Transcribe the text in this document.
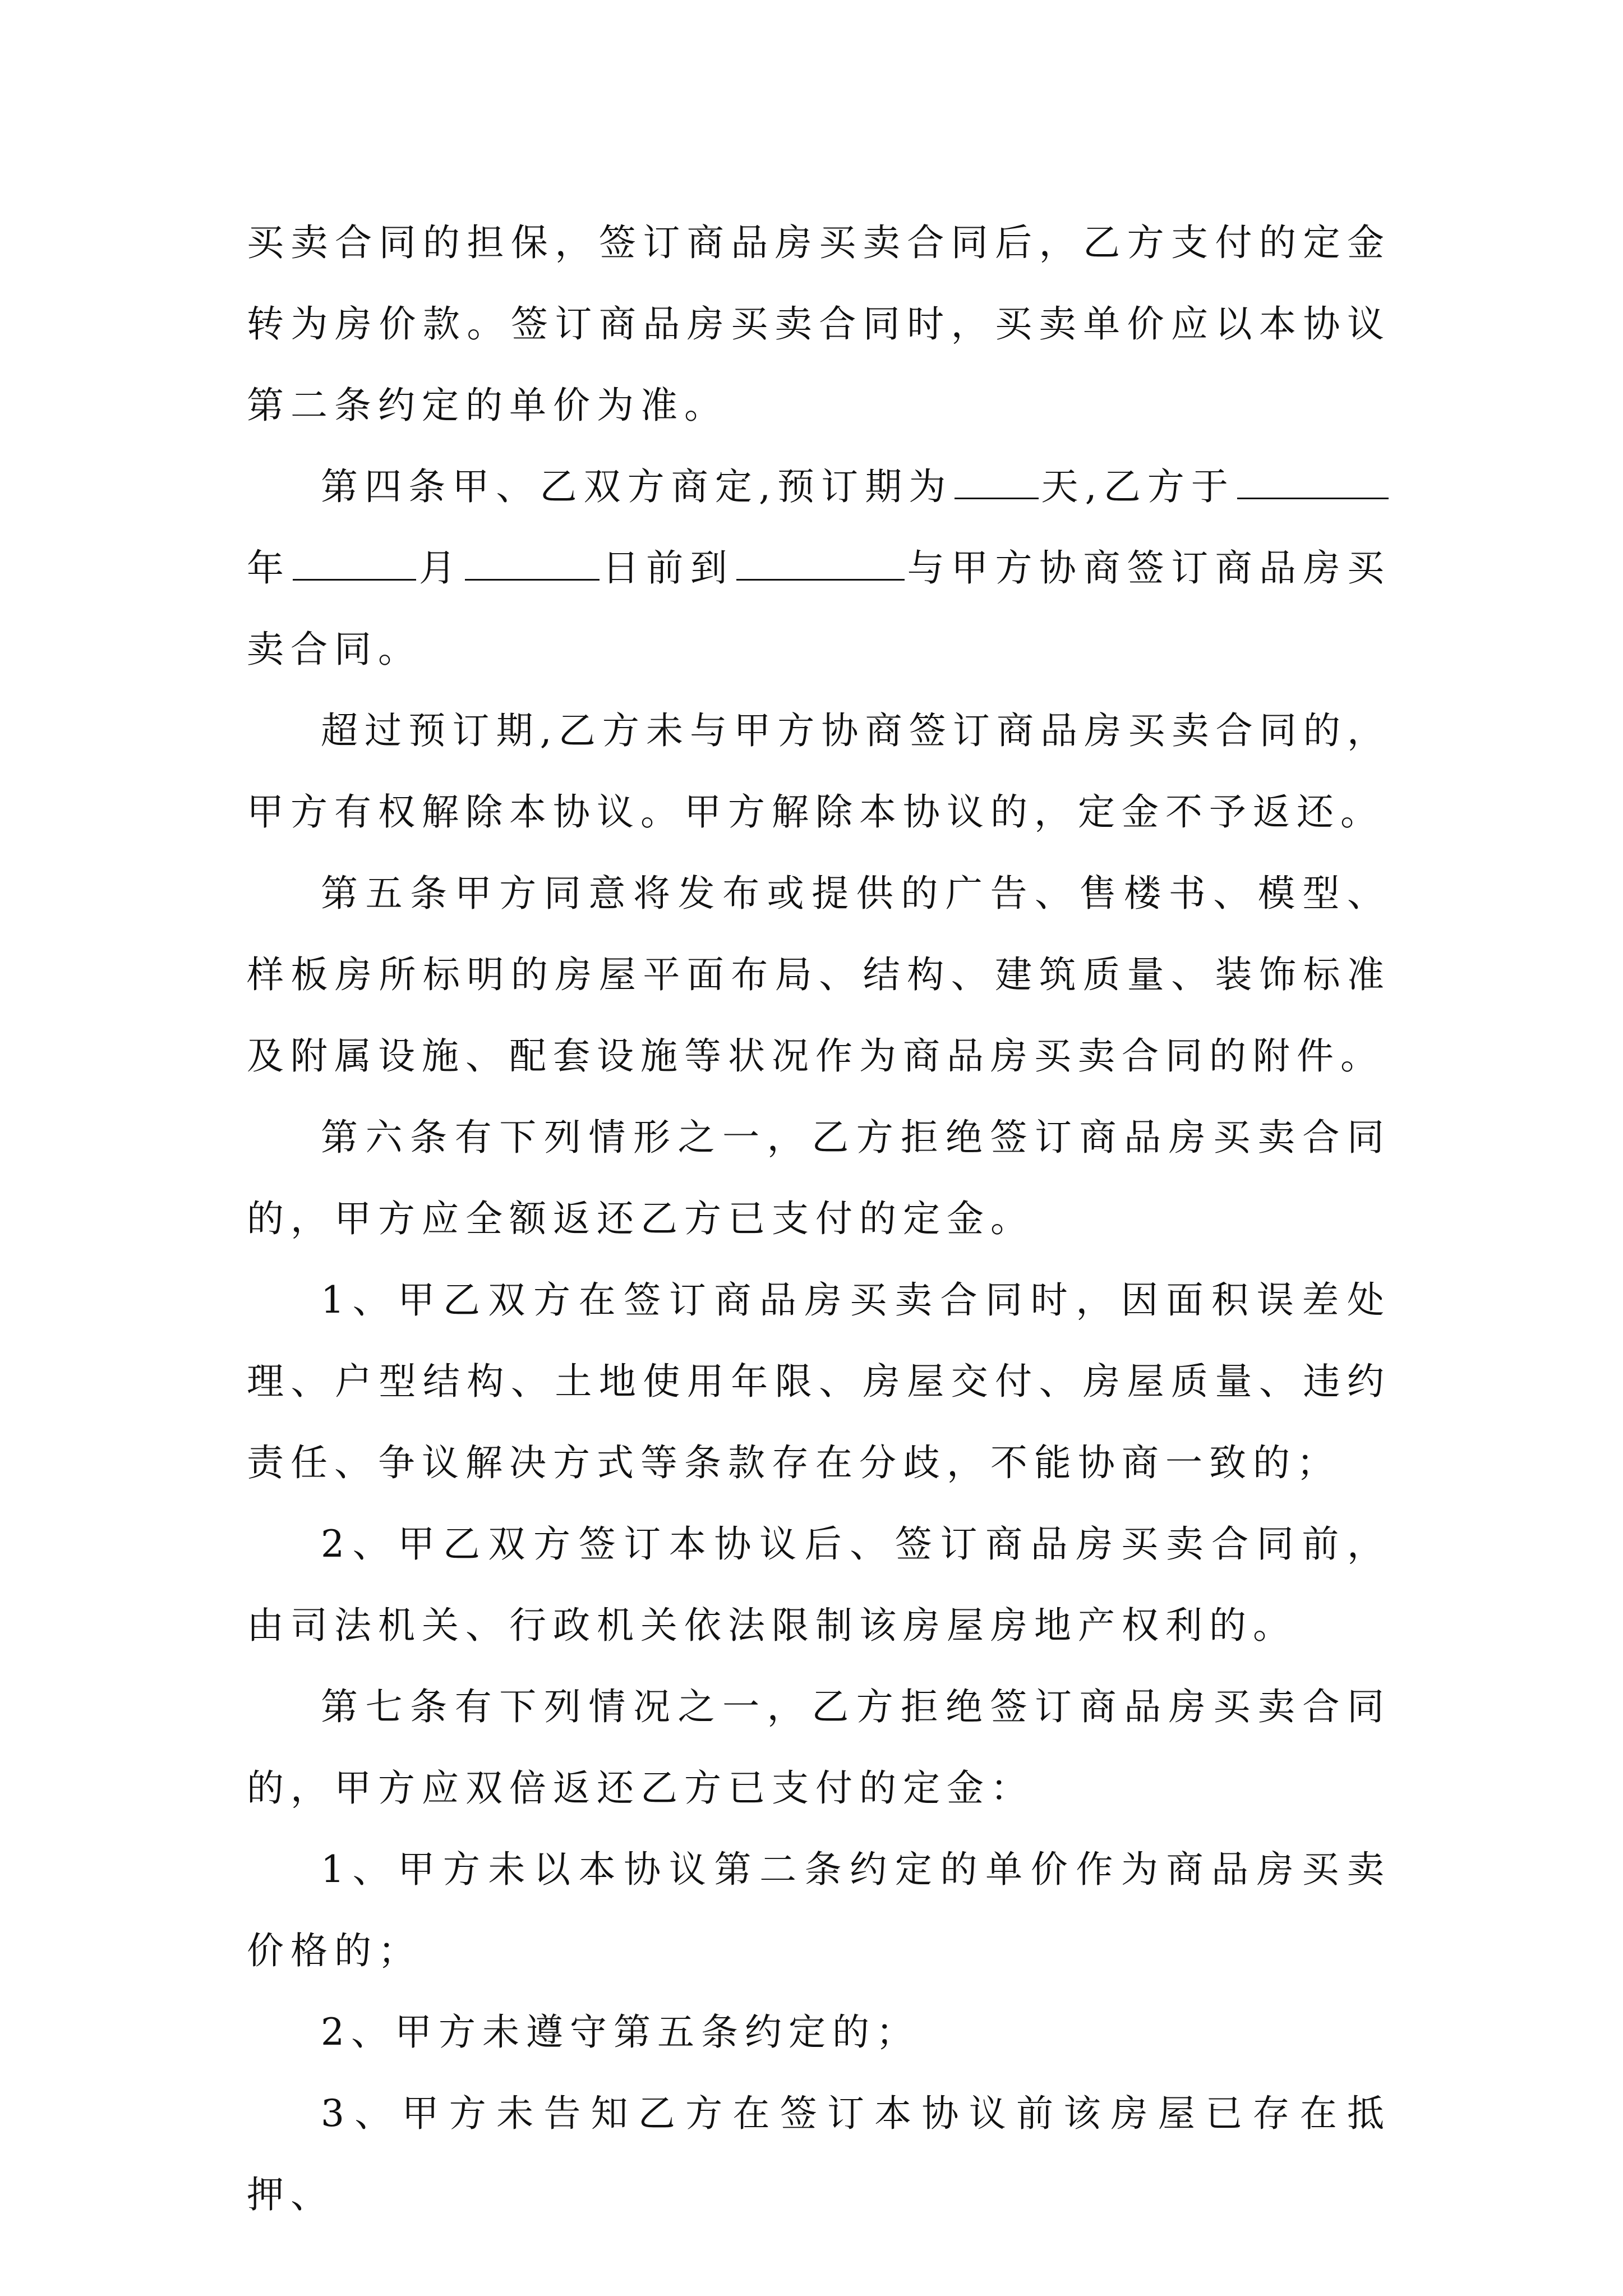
买卖合同的担保，签订商品房买卖合同后，乙方支付的定金转为房价款。签订商品房买卖合同时，买卖单价应以本协议第二条约定的单价为准。

第四条甲、乙双方商定,预订期为 天,乙方于年	月	日前到	与甲方协商签订商品房买卖合同。

超过预订期,乙方未与甲方协商签订商品房买卖合同的，甲方有权解除本协议。甲方解除本协议的，定金不予返还。

第五条甲方同意将发布或提供的广告、售楼书、模型、样板房所标明的房屋平面布局、结构、建筑质量、装饰标准及附属设施、配套设施等状况作为商品房买卖合同的附件。

第六条有下列情形之一，乙方拒绝签订商品房买卖合同的，甲方应全额返还乙方已支付的定金。

1、甲乙双方在签订商品房买卖合同时，因面积误差处理、户型结构、土地使用年限、房屋交付、房屋质量、违约责任、争议解决方式等条款存在分歧，不能协商一致的；

2、甲乙双方签订本协议后、签订商品房买卖合同前，由司法机关、行政机关依法限制该房屋房地产权利的。

第七条有下列情况之一，乙方拒绝签订商品房买卖合同的，甲方应双倍返还乙方已支付的定金：

1、甲方未以本协议第二条约定的单价作为商品房买卖价格的；

2、甲方未遵守第五条约定的；

3、甲方未告知乙方在签订本协议前该房屋已存在抵押、
